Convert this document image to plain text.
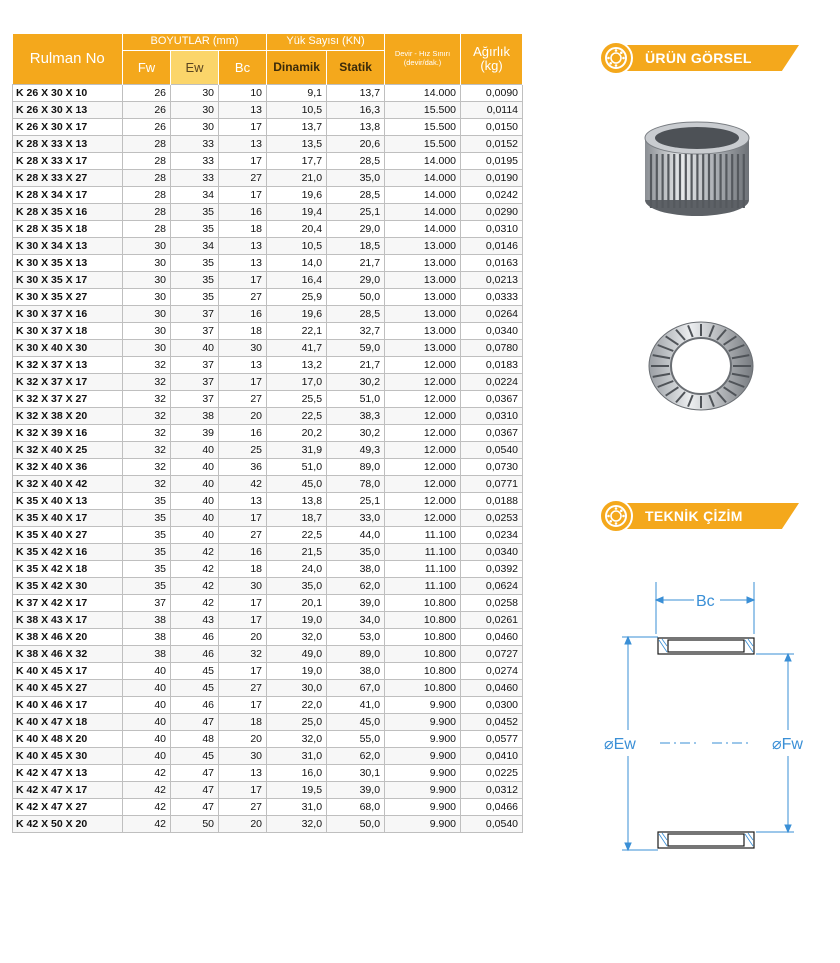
Rulman No	BOYUTLAR (mm)			Yük Sayısı (KN)		Devir - Hız Sınırı (devir/dak.)	Ağırlık (kg)
	Fw	Ew	Bc	Dinamik	Statik		
K 26 X 30 X 10	26	30	10	9,1	13,7	14.000	0,0090
K 26 X 30 X 13	26	30	13	10,5	16,3	15.500	0,0114
K 26 X 30 X 17	26	30	17	13,7	13,8	15.500	0,0150
K 28 X 33 X 13	28	33	13	13,5	20,6	15.500	0,0152
K 28 X 33 X 17	28	33	17	17,7	28,5	14.000	0,0195
K 28 X 33 X 27	28	33	27	21,0	35,0	14.000	0,0190
K 28 X 34 X 17	28	34	17	19,6	28,5	14.000	0,0242
K 28 X 35 X 16	28	35	16	19,4	25,1	14.000	0,0290
K 28 X 35 X 18	28	35	18	20,4	29,0	14.000	0,0310
K 30 X 34 X 13	30	34	13	10,5	18,5	13.000	0,0146
K 30 X 35 X 13	30	35	13	14,0	21,7	13.000	0,0163
K 30 X 35 X 17	30	35	17	16,4	29,0	13.000	0,0213
K 30 X 35 X 27	30	35	27	25,9	50,0	13.000	0,0333
K 30 X 37 X 16	30	37	16	19,6	28,5	13.000	0,0264
K 30 X 37 X 18	30	37	18	22,1	32,7	13.000	0,0340
K 30 X 40 X 30	30	40	30	41,7	59,0	13.000	0,0780
K 32 X 37 X 13	32	37	13	13,2	21,7	12.000	0,0183
K 32 X 37 X 17	32	37	17	17,0	30,2	12.000	0,0224
K 32 X 37 X 27	32	37	27	25,5	51,0	12.000	0,0367
K 32 X 38 X 20	32	38	20	22,5	38,3	12.000	0,0310
K 32 X 39 X 16	32	39	16	20,2	30,2	12.000	0,0367
K 32 X 40 X 25	32	40	25	31,9	49,3	12.000	0,0540
K 32 X 40 X 36	32	40	36	51,0	89,0	12.000	0,0730
K 32 X 40 X 42	32	40	42	45,0	78,0	12.000	0,0771
K 35 X 40 X 13	35	40	13	13,8	25,1	12.000	0,0188
K 35 X 40 X 17	35	40	17	18,7	33,0	12.000	0,0253
K 35 X 40 X 27	35	40	27	22,5	44,0	11.100	0,0234
K 35 X 42 X 16	35	42	16	21,5	35,0	11.100	0,0340
K 35 X 42 X 18	35	42	18	24,0	38,0	11.100	0,0392
K 35 X 42 X 30	35	42	30	35,0	62,0	11.100	0,0624
K 37 X 42 X 17	37	42	17	20,1	39,0	10.800	0,0258
K 38 X 43 X 17	38	43	17	19,0	34,0	10.800	0,0261
K 38 X 46 X 20	38	46	20	32,0	53,0	10.800	0,0460
K 38 X 46 X 32	38	46	32	49,0	89,0	10.800	0,0727
K 40 X 45 X 17	40	45	17	19,0	38,0	10.800	0,0274
K 40 X 45 X 27	40	45	27	30,0	67,0	10.800	0,0460
K 40 X 46 X 17	40	46	17	22,0	41,0	9.900	0,0300
K 40 X 47 X 18	40	47	18	25,0	45,0	9.900	0,0452
K 40 X 48 X 20	40	48	20	32,0	55,0	9.900	0,0577
K 40 X 45 X 30	40	45	30	31,0	62,0	9.900	0,0410
K 42 X 47 X 13	42	47	13	16,0	30,1	9.900	0,0225
K 42 X 47 X 17	42	47	17	19,5	39,0	9.900	0,0312
K 42 X 47 X 27	42	47	27	31,0	68,0	9.900	0,0466
K 42 X 50 X 20	42	50	20	32,0	50,0	9.900	0,0540
ÜRÜN GÖRSEL
TEKNİK ÇİZİM
Bc
⌀Ew	⌀Fw
